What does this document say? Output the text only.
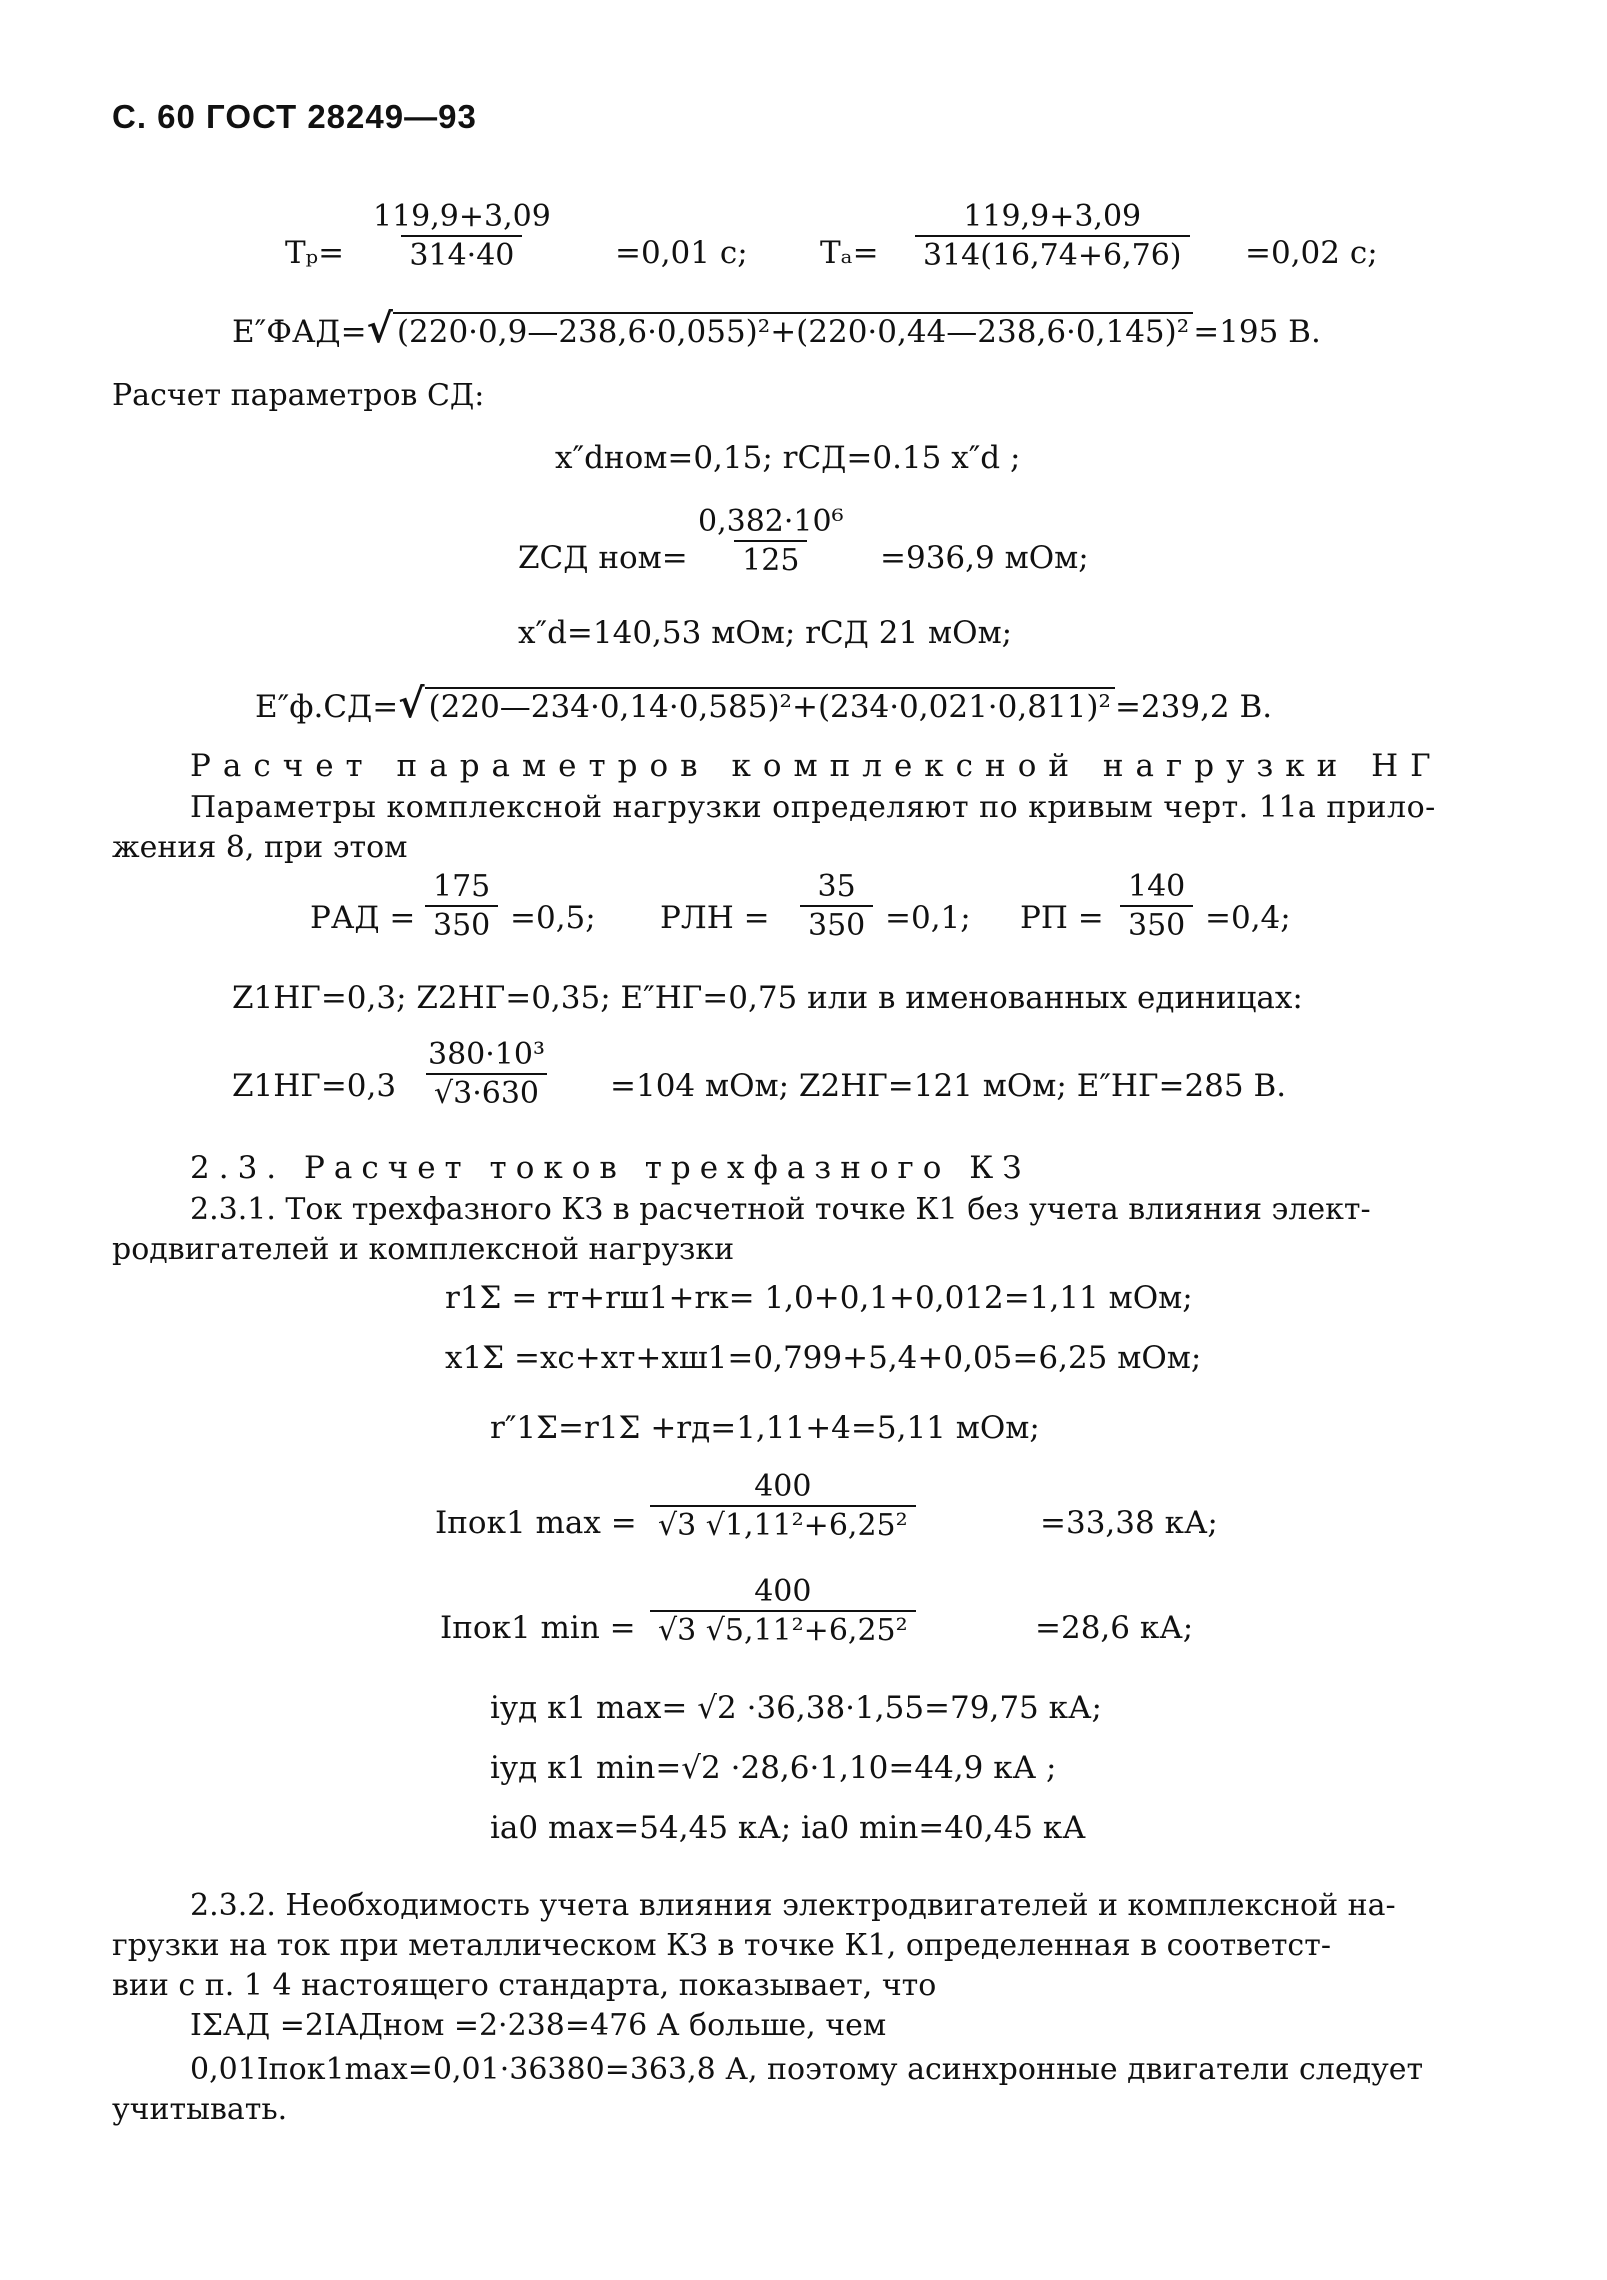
С. 60 ГОСТ 28249—93
$T_p= \frac{119,9+3,09}{314\cdot 40} =0,01$ с; $T_a= \frac{119,9+3,09}{314(16,74+6,76)} =0,02$ с;
E″ФАД=√ (220·0,9—238,6·0,055)²+(220·0,44—238,6·0,145)² =195 В.
Расчет параметров СД:
x″dном=0,15; rСД=0.15 x″d ;
ZСД $ном= \frac{\text{0,382·10⁶}}{125} =936,9$ мОм;
x″d=140,53 мОм; rСД 21 мОм;
E″ф.СД=√ (220—234·0,14·0,585)²+(234·0,021·0,811)² =239,2 В.
Расчет параметров комплексной нагрузки НГ
Параметры комплексной нагрузки определяют по кривым черт. 11а прило-
жения 8, при этом
PАД = $\frac{175}{350} =0,5$; PЛН = $\frac{35}{350} =0,1$; PП = $\frac{140}{350} =0,4$;
Z1НГ=0,3; Z2НГ=0,35; E″НГ=0,75 или в именованных единицах:
$Z1НГ=0,3 \frac{\text{380·10³}}{√3\cdot 630} =104$ мОм; Z2НГ=121 мОм; E″НГ=285 В.
2.3. Расчет токов трехфазного КЗ
2.3.1. Ток трехфазного КЗ в расчетной точке К1 без учета влияния элект-
родвигателей и комплексной нагрузки
r1Σ = rт+rш1+rк= 1,0+0,1+0,012=1,11 мОм;
x1Σ =xс+xт+xш1=0,799+5,4+0,05=6,25 мОм;
r″1Σ=r1Σ +rд=1,11+4=5,11 мОм;
Iпок1 $\max = \frac{400}{\text{√3 √1,11²+6,25²}}$	=33,38 кА;
Iпок1 $\min = \frac{400}{\text{√3 √5,11²+6,25²}}$	=28,6 кА;
iуд к1 max= √2 ·36,38·1,55=79,75 кА;
iуд к1 min=√2 ·28,6·1,10=44,9 кА ;
ia0 max=54,45 кА; ia0 min=40,45 кА
2.3.2. Необходимость учета влияния электродвигателей и комплексной на-
грузки на ток при металлическом КЗ в точке К1, определенная в соответст-
вии с п. 1 4 настоящего стандарта, показывает, что
IΣАД =2IАДном =2·238=476 А больше, чем
0,01Iпок1max=0,01·36380=363,8 А, поэтому асинхронные двигатели следует
учитывать.
